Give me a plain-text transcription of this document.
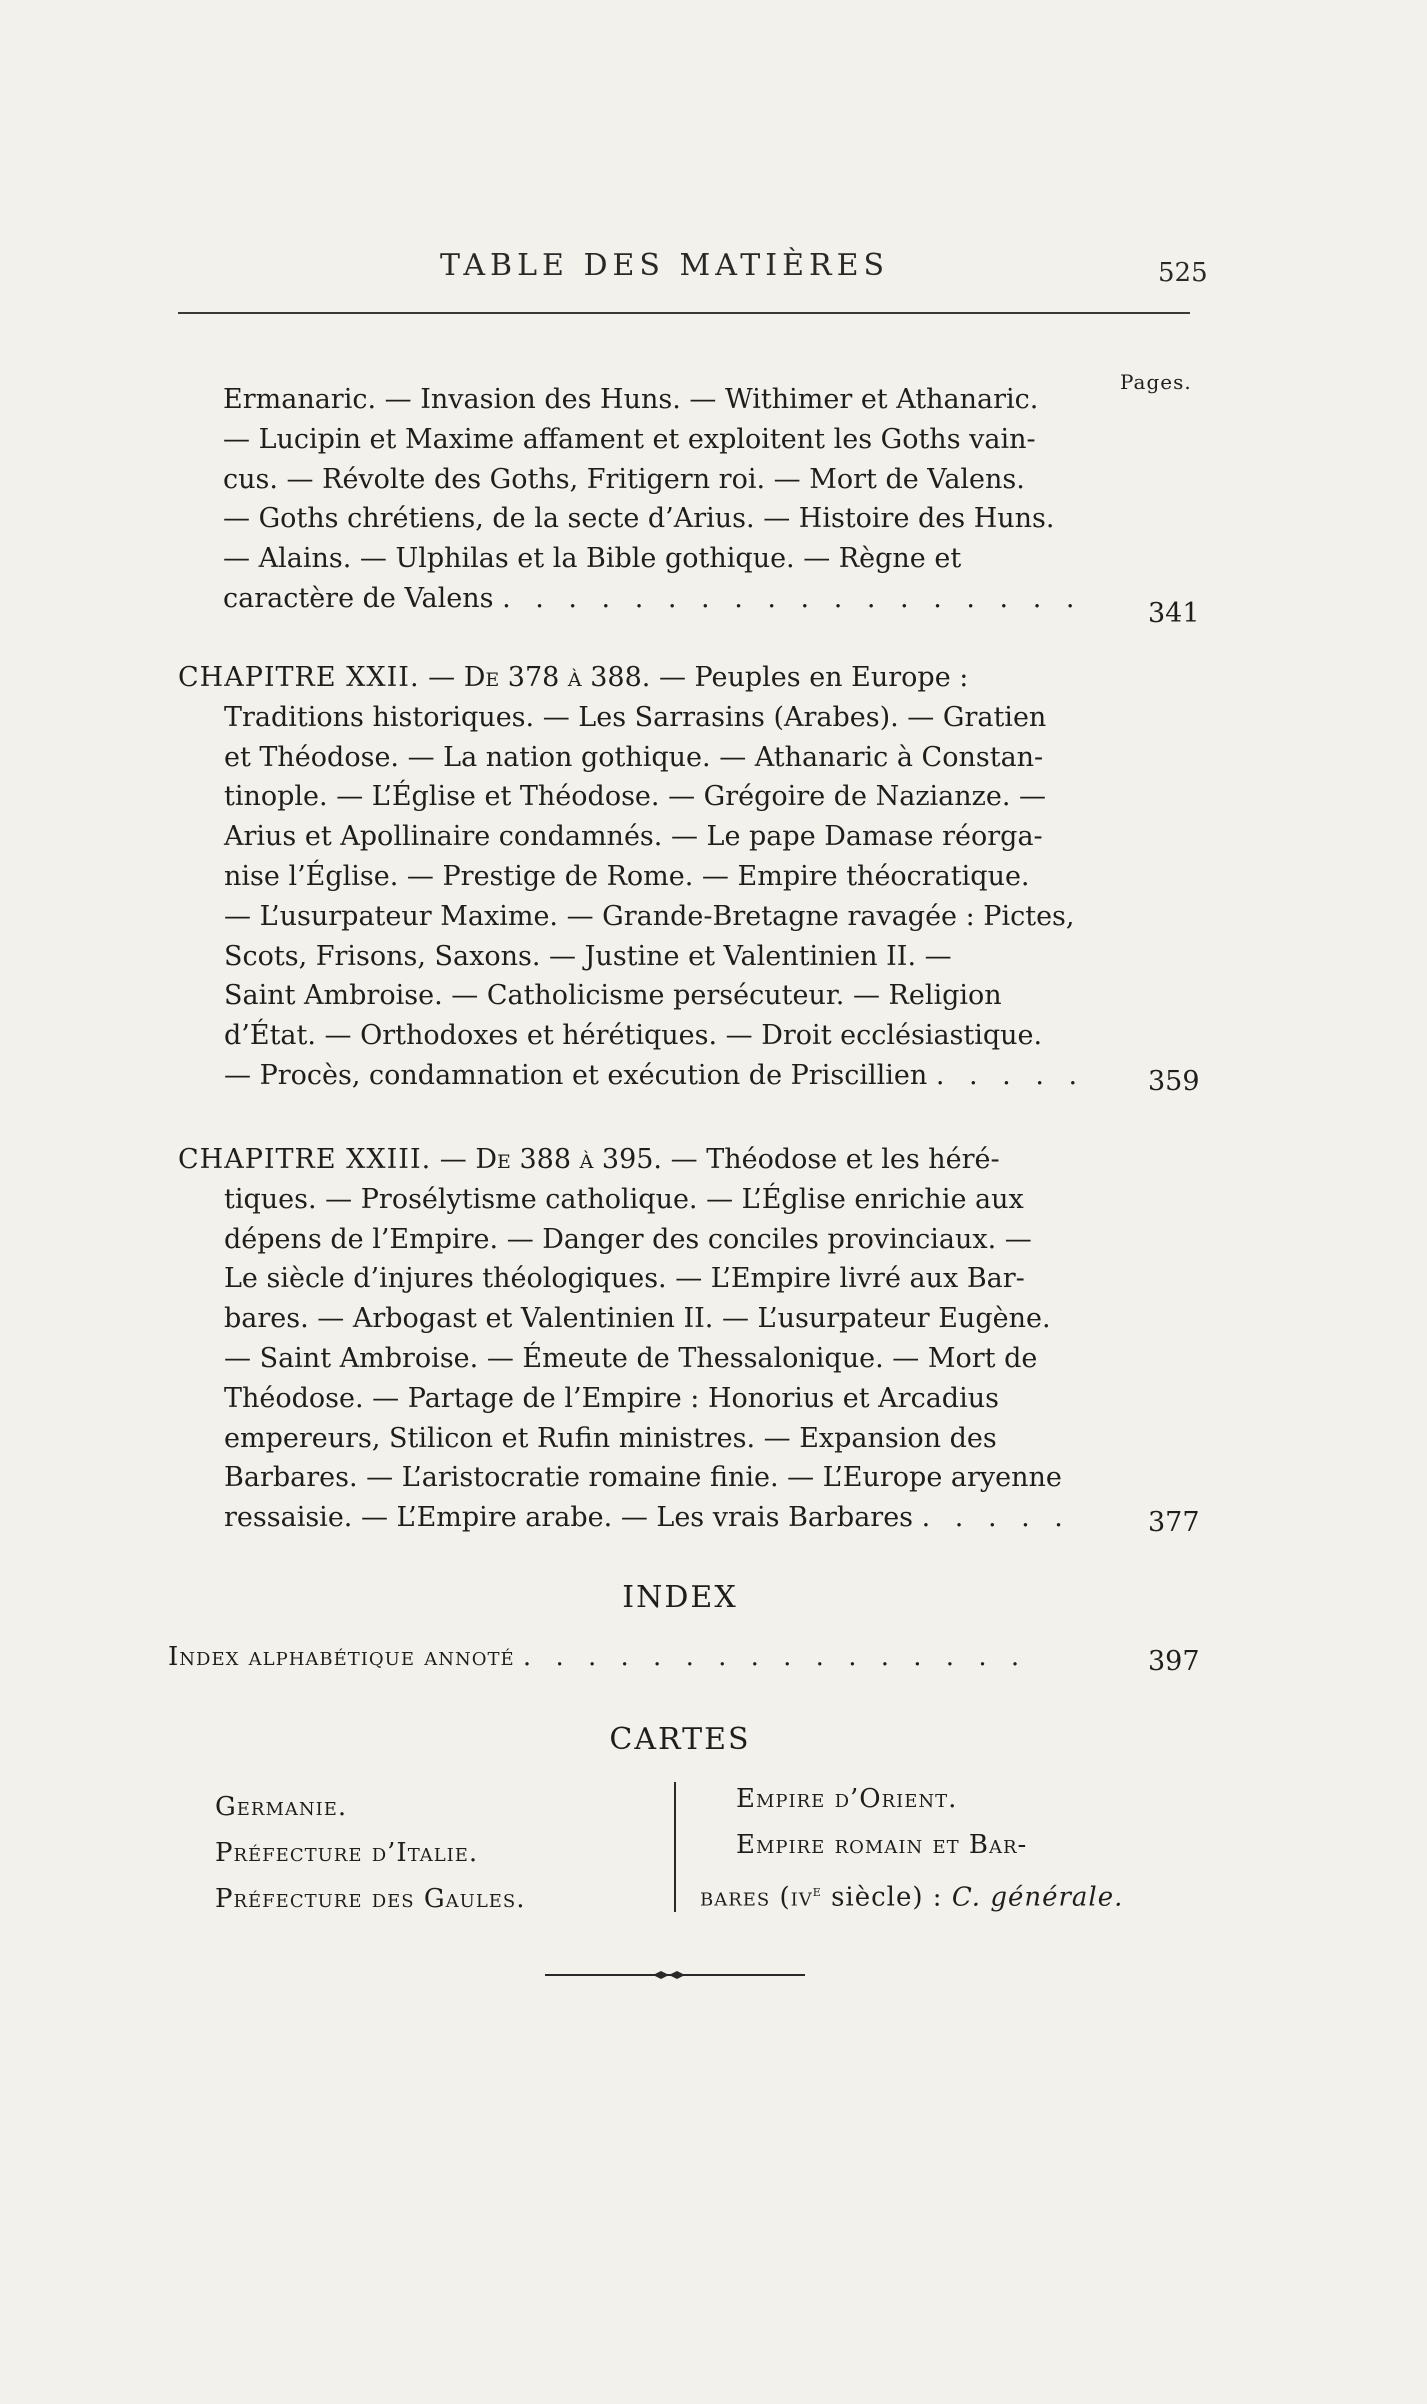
TABLE DES MATIÈRES	525
Pages.
Ermanaric. — Invasion des Huns. — Withimer et Athanaric.
— Lucipin et Maxime affament et exploitent les Goths vain-
cus. — Révolte des Goths, Fritigern roi. — Mort de Valens.
— Goths chrétiens, de la secte d’Arius. — Histoire des Huns.
— Alains. — Ulphilas et la Bible gothique. — Règne et
caractère de Valens . . . . . . . . . . . . . . . . . .	341
CHAPITRE XXII. — De 378 à 388. — Peuples en Europe :
Traditions historiques. — Les Sarrasins (Arabes). — Gratien
et Théodose. — La nation gothique. — Athanaric à Constan-
tinople. — L’Église et Théodose. — Grégoire de Nazianze. —
Arius et Apollinaire condamnés. — Le pape Damase réorga-
nise l’Église. — Prestige de Rome. — Empire théocratique.
— L’usurpateur Maxime. — Grande-Bretagne ravagée : Pictes,
Scots, Frisons, Saxons. — Justine et Valentinien II. —
Saint Ambroise. — Catholicisme persécuteur. — Religion
d’État. — Orthodoxes et hérétiques. — Droit ecclésiastique.
— Procès, condamnation et exécution de Priscillien . . . . .	359
CHAPITRE XXIII. — De 388 à 395. — Théodose et les héré-
tiques. — Prosélytisme catholique. — L’Église enrichie aux
dépens de l’Empire. — Danger des conciles provinciaux. —
Le siècle d’injures théologiques. — L’Empire livré aux Bar-
bares. — Arbogast et Valentinien II. — L’usurpateur Eugène.
— Saint Ambroise. — Émeute de Thessalonique. — Mort de
Théodose. — Partage de l’Empire : Honorius et Arcadius
empereurs, Stilicon et Rufin ministres. — Expansion des
Barbares. — L’aristocratie romaine finie. — L’Europe aryenne
ressaisie. — L’Empire arabe. — Les vrais Barbares . . . . .	377
INDEX
Index alphabétique annoté . . . . . . . . . . . . . . . .	397
CARTES
Germanie.
Préfecture d’Italie.
Préfecture des Gaules.
Empire d’Orient.
Empire romain et Bar-
bares ($iv^e$ siècle) : C. générale.
